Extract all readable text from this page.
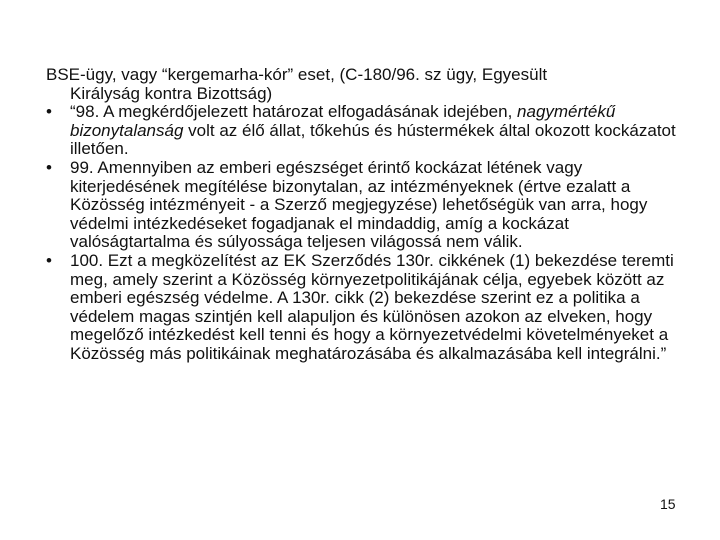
BSE-ügy, vagy “kergemarha-kór” eset, (C-180/96. sz ügy, Egyesült
Királyság kontra Bizottság)

•	“98. A megkérdőjelezett határozat elfogadásának idejében, nagymértékű bizonytalanság volt az élő állat, tőkehús és hústermékek által okozott kockázatot illetően.
•	99. Amennyiben az emberi egészséget érintő kockázat létének vagy kiterjedésének megítélése bizonytalan, az intézményeknek (értve ezalatt a Közösség intézményeit - a Szerző megjegyzése) lehetőségük van arra, hogy védelmi intézkedéseket fogadjanak el mindaddig, amíg a kockázat valóságtartalma és súlyossága teljesen világossá nem válik.
•	100. Ezt a megközelítést az EK Szerződés 130r. cikkének (1) bekezdése teremti meg, amely szerint a Közösség környezetpolitikájának célja, egyebek között az emberi egészség védelme. A 130r. cikk (2) bekezdése szerint ez a politika a védelem magas szintjén kell alapuljon és különösen azokon az elveken, hogy megelőző intézkedést kell tenni és hogy a környezetvédelmi követelményeket a Közösség más politikáinak meghatározásába és alkalmazásába kell integrálni.”
15
